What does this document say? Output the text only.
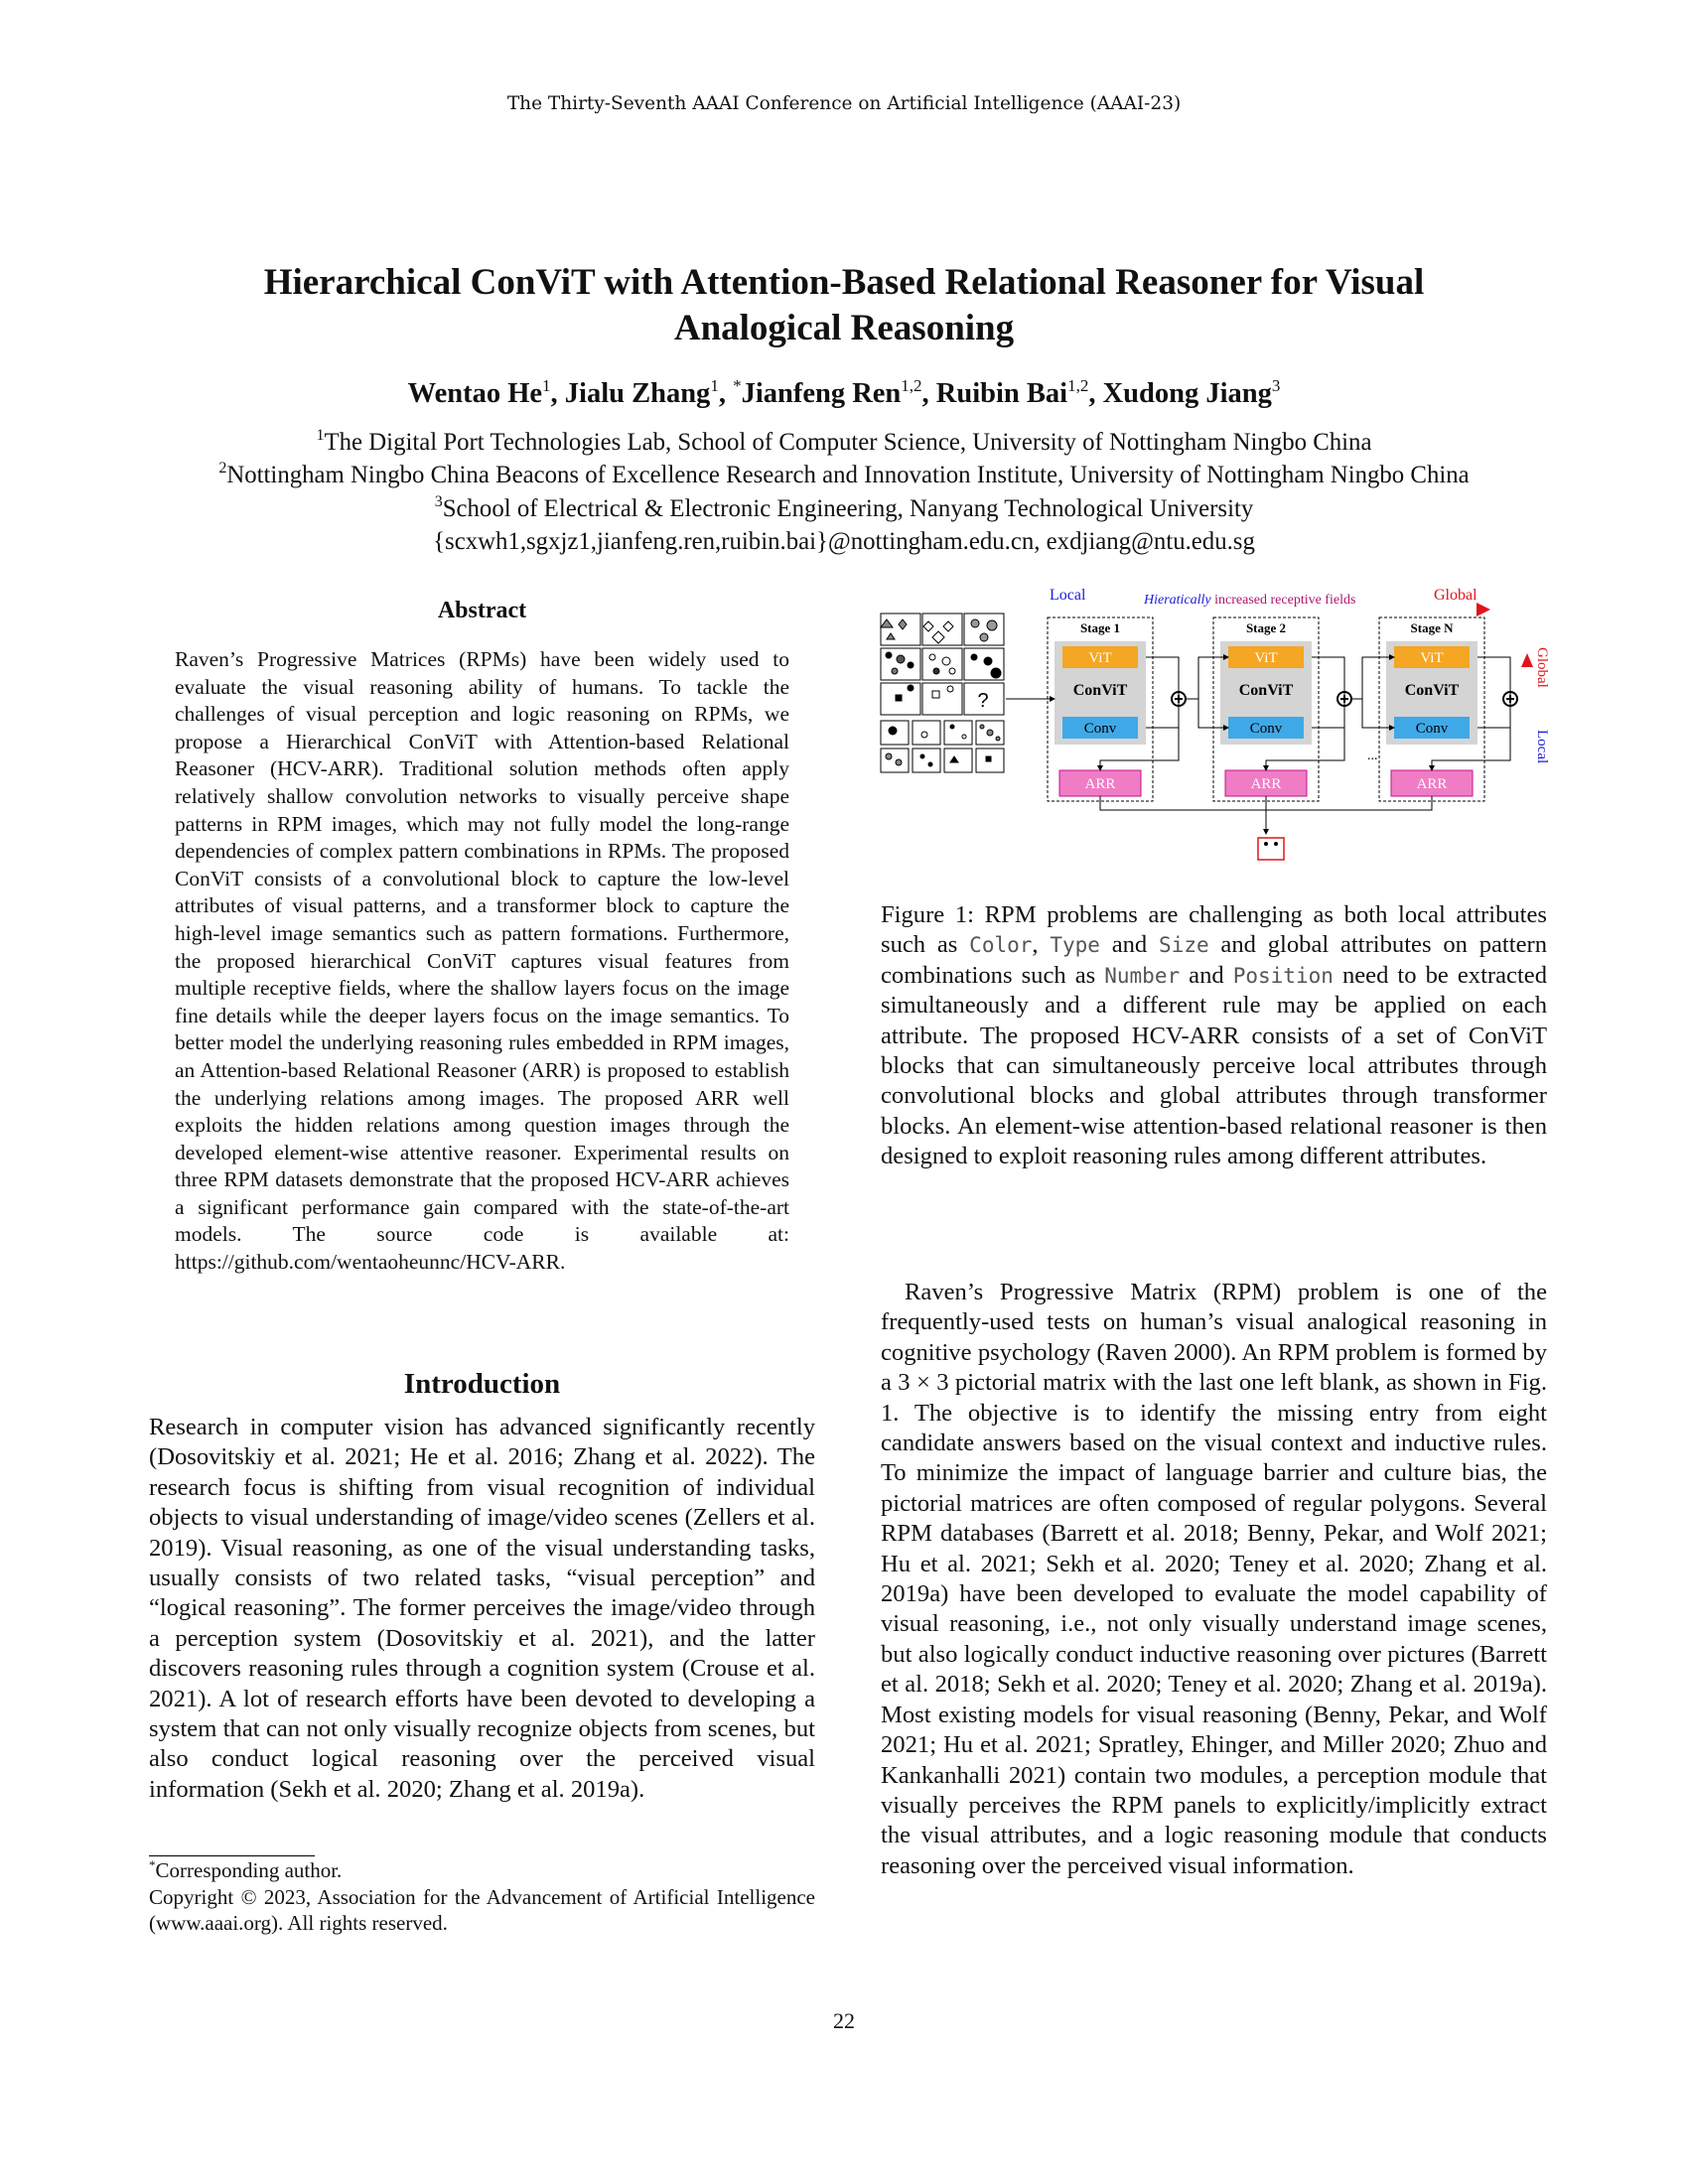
The Thirty-Seventh AAAI Conference on Artificial Intelligence (AAAI-23)
Hierarchical ConViT with Attention-Based Relational Reasoner for Visual
Analogical Reasoning
Wentao He$^1$, Jialu Zhang$^1$, *Jianfeng Ren$^{1,2}$, Ruibin Bai$^{1,2}$, Xudong Jiang$^3$
$^1$The Digital Port Technologies Lab, School of Computer Science, University of Nottingham Ningbo China
$^2$Nottingham Ningbo China Beacons of Excellence Research and Innovation Institute, University of Nottingham Ningbo China
$^3$School of Electrical & Electronic Engineering, Nanyang Technological University
{scxwh1,sgxjz1,jianfeng.ren,ruibin.bai}@nottingham.edu.cn, exdjiang@ntu.edu.sg
Abstract
Raven’s Progressive Matrices (RPMs) have been widely used to evaluate the visual reasoning ability of humans. To tackle the challenges of visual perception and logic reasoning on RPMs, we propose a Hierarchical ConViT with Attention-based Relational Reasoner (HCV-ARR). Traditional solution methods often apply relatively shallow convolution networks to visually perceive shape patterns in RPM images, which may not fully model the long-range dependencies of complex pattern combinations in RPMs. The proposed ConViT consists of a convolutional block to capture the low-level attributes of visual patterns, and a transformer block to capture the high-level image semantics such as pattern formations. Furthermore, the proposed hierarchical ConViT captures visual features from multiple receptive fields, where the shallow layers focus on the image fine details while the deeper layers focus on the image semantics. To better model the underlying reasoning rules embedded in RPM images, an Attention-based Relational Reasoner (ARR) is proposed to establish the underlying relations among images. The proposed ARR well exploits the hidden relations among question images through the developed element-wise attentive reasoner. Experimental results on three RPM datasets demonstrate that the proposed HCV-ARR achieves a significant performance gain compared with the state-of-the-art models. The source code is available at: https://github.com/wentaoheunnc/HCV-ARR.
Introduction
Research in computer vision has advanced significantly recently (Dosovitskiy et al. 2021; He et al. 2016; Zhang et al. 2022). The research focus is shifting from visual recognition of individual objects to visual understanding of image/video scenes (Zellers et al. 2019). Visual reasoning, as one of the visual understanding tasks, usually consists of two related tasks, “visual perception” and “logical reasoning”. The former perceives the image/video through a perception system (Dosovitskiy et al. 2021), and the latter discovers reasoning rules through a cognition system (Crouse et al. 2021). A lot of research efforts have been devoted to developing a system that can not only visually recognize objects from scenes, but also conduct logical reasoning over the perceived visual information (Sekh et al. 2020; Zhang et al. 2019a).
*Corresponding author.
Copyright © 2023, Association for the Advancement of Artificial Intelligence (www.aaai.org). All rights reserved.
?
Local	Hieratically increased receptive fields	Global
Stage 1
ViT
ConViT
Conv
ARR
Stage 2
ViT
ConViT
Conv
ARR
Stage N
ViT
ConViT
Conv
ARR
...
Global
Local
Figure 1: RPM problems are challenging as both local attributes such as Color, Type and Size and global attributes on pattern combinations such as Number and Position need to be extracted simultaneously and a different rule may be applied on each attribute. The proposed HCV-ARR consists of a set of ConViT blocks that can simultaneously perceive local attributes through convolutional blocks and global attributes through transformer blocks. An element-wise attention-based relational reasoner is then designed to exploit reasoning rules among different attributes.
Raven’s Progressive Matrix (RPM) problem is one of the frequently-used tests on human’s visual analogical reasoning in cognitive psychology (Raven 2000). An RPM problem is formed by a 3 × 3 pictorial matrix with the last one left blank, as shown in Fig. 1. The objective is to identify the missing entry from eight candidate answers based on the visual context and inductive rules. To minimize the impact of language barrier and culture bias, the pictorial matrices are often composed of regular polygons. Several RPM databases (Barrett et al. 2018; Benny, Pekar, and Wolf 2021; Hu et al. 2021; Sekh et al. 2020; Teney et al. 2020; Zhang et al. 2019a) have been developed to evaluate the model capability of visual reasoning, i.e., not only visually understand image scenes, but also logically conduct inductive reasoning over pictures (Barrett et al. 2018; Sekh et al. 2020; Teney et al. 2020; Zhang et al. 2019a). Most existing models for visual reasoning (Benny, Pekar, and Wolf 2021; Hu et al. 2021; Spratley, Ehinger, and Miller 2020; Zhuo and Kankanhalli 2021) contain two modules, a perception module that visually perceives the RPM panels to explicitly/implicitly extract the visual attributes, and a logic reasoning module that conducts reasoning over the perceived visual information.
22
